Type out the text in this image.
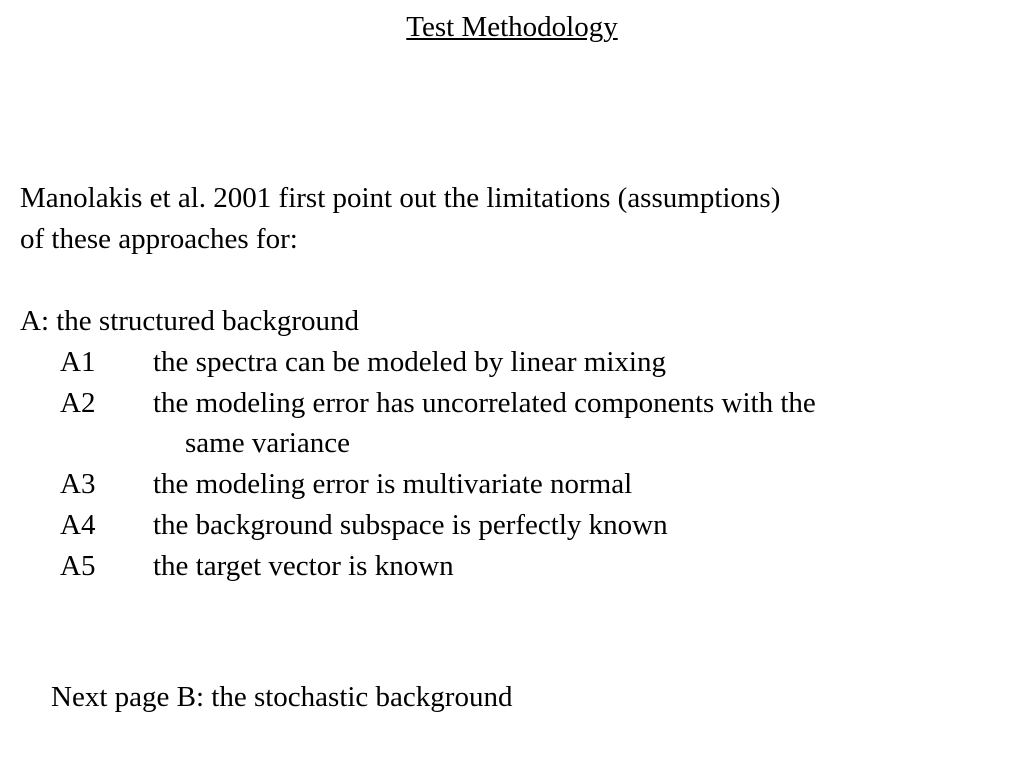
Test Methodology
Manolakis et al. 2001 first point out the limitations (assumptions)
of these approaches for:
A: the structured background
A1 the spectra can be modeled by linear mixing
A2 the modeling error has uncorrelated components with the
same variance
A3 the modeling error is multivariate normal
A4 the background subspace is perfectly known
A5 the target vector is known
Next page B: the stochastic background
